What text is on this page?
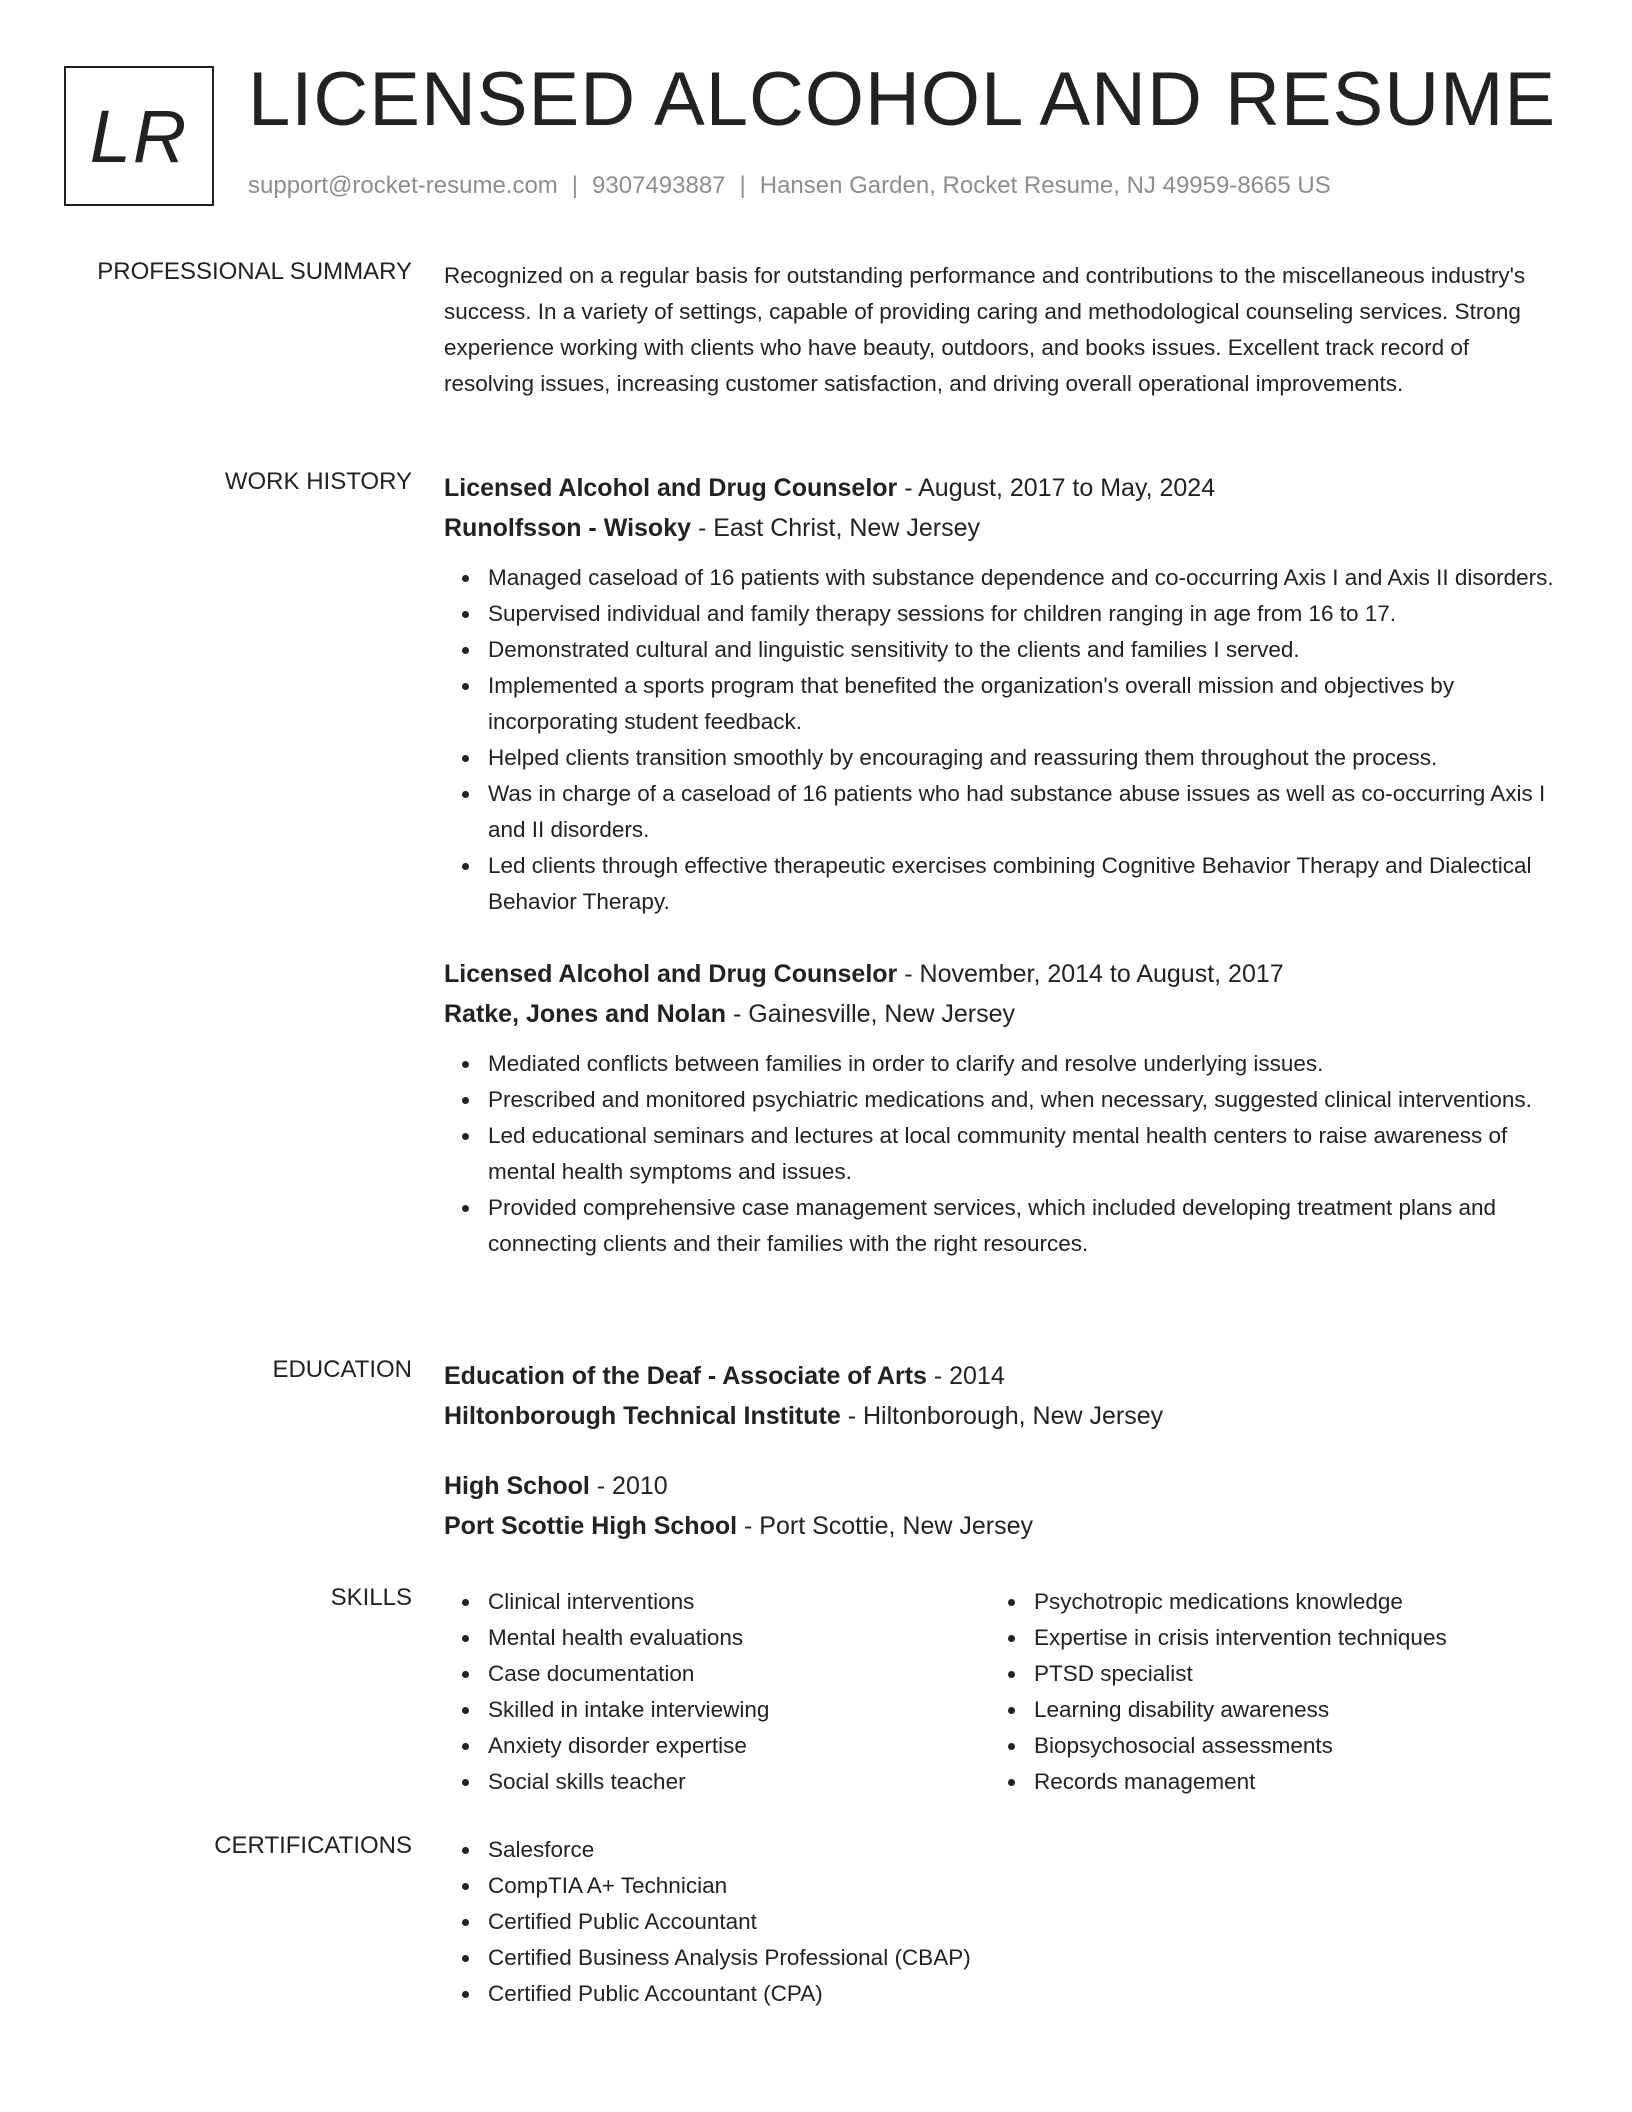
LR LICENSED ALCOHOL AND RESUME
support@rocket-resume.com | 9307493887 | Hansen Garden, Rocket Resume, NJ 49959-8665 US
PROFESSIONAL SUMMARY Recognized on a regular basis for outstanding performance and contributions to the miscellaneous industry's success. In a variety of settings, capable of providing caring and methodological counseling services. Strong experience working with clients who have beauty, outdoors, and books issues. Excellent track record of resolving issues, increasing customer satisfaction, and driving overall operational improvements.

WORK HISTORY Licensed Alcohol and Drug Counselor - August, 2017 to May, 2024
Runolfsson - Wisoky - East Christ, New Jersey
Managed caseload of 16 patients with substance dependence and co-occurring Axis I and Axis II disorders.
Supervised individual and family therapy sessions for children ranging in age from 16 to 17.
Demonstrated cultural and linguistic sensitivity to the clients and families I served.
Implemented a sports program that benefited the organization's overall mission and objectives by incorporating student feedback.
Helped clients transition smoothly by encouraging and reassuring them throughout the process.
Was in charge of a caseload of 16 patients who had substance abuse issues as well as co-occurring Axis I and II disorders.
Led clients through effective therapeutic exercises combining Cognitive Behavior Therapy and Dialectical Behavior Therapy.
Licensed Alcohol and Drug Counselor - November, 2014 to August, 2017
Ratke, Jones and Nolan - Gainesville, New Jersey
Mediated conflicts between families in order to clarify and resolve underlying issues.
Prescribed and monitored psychiatric medications and, when necessary, suggested clinical interventions.
Led educational seminars and lectures at local community mental health centers to raise awareness of mental health symptoms and issues.
Provided comprehensive case management services, which included developing treatment plans and connecting clients and their families with the right resources.
EDUCATION Education of the Deaf - Associate of Arts - 2014
Hiltonborough Technical Institute - Hiltonborough, New Jersey
High School - 2010
Port Scottie High School - Port Scottie, New Jersey
SKILLS	Clinical interventions
Mental health evaluations
Case documentation
Skilled in intake interviewing
Anxiety disorder expertise
Social skills teacher
Psychotropic medications knowledge
Expertise in crisis intervention techniques
PTSD specialist
Learning disability awareness
Biopsychosocial assessments
Records management
CERTIFICATIONS	Salesforce
CompTIA A+ Technician
Certified Public Accountant
Certified Business Analysis Professional (CBAP)
Certified Public Accountant (CPA)
